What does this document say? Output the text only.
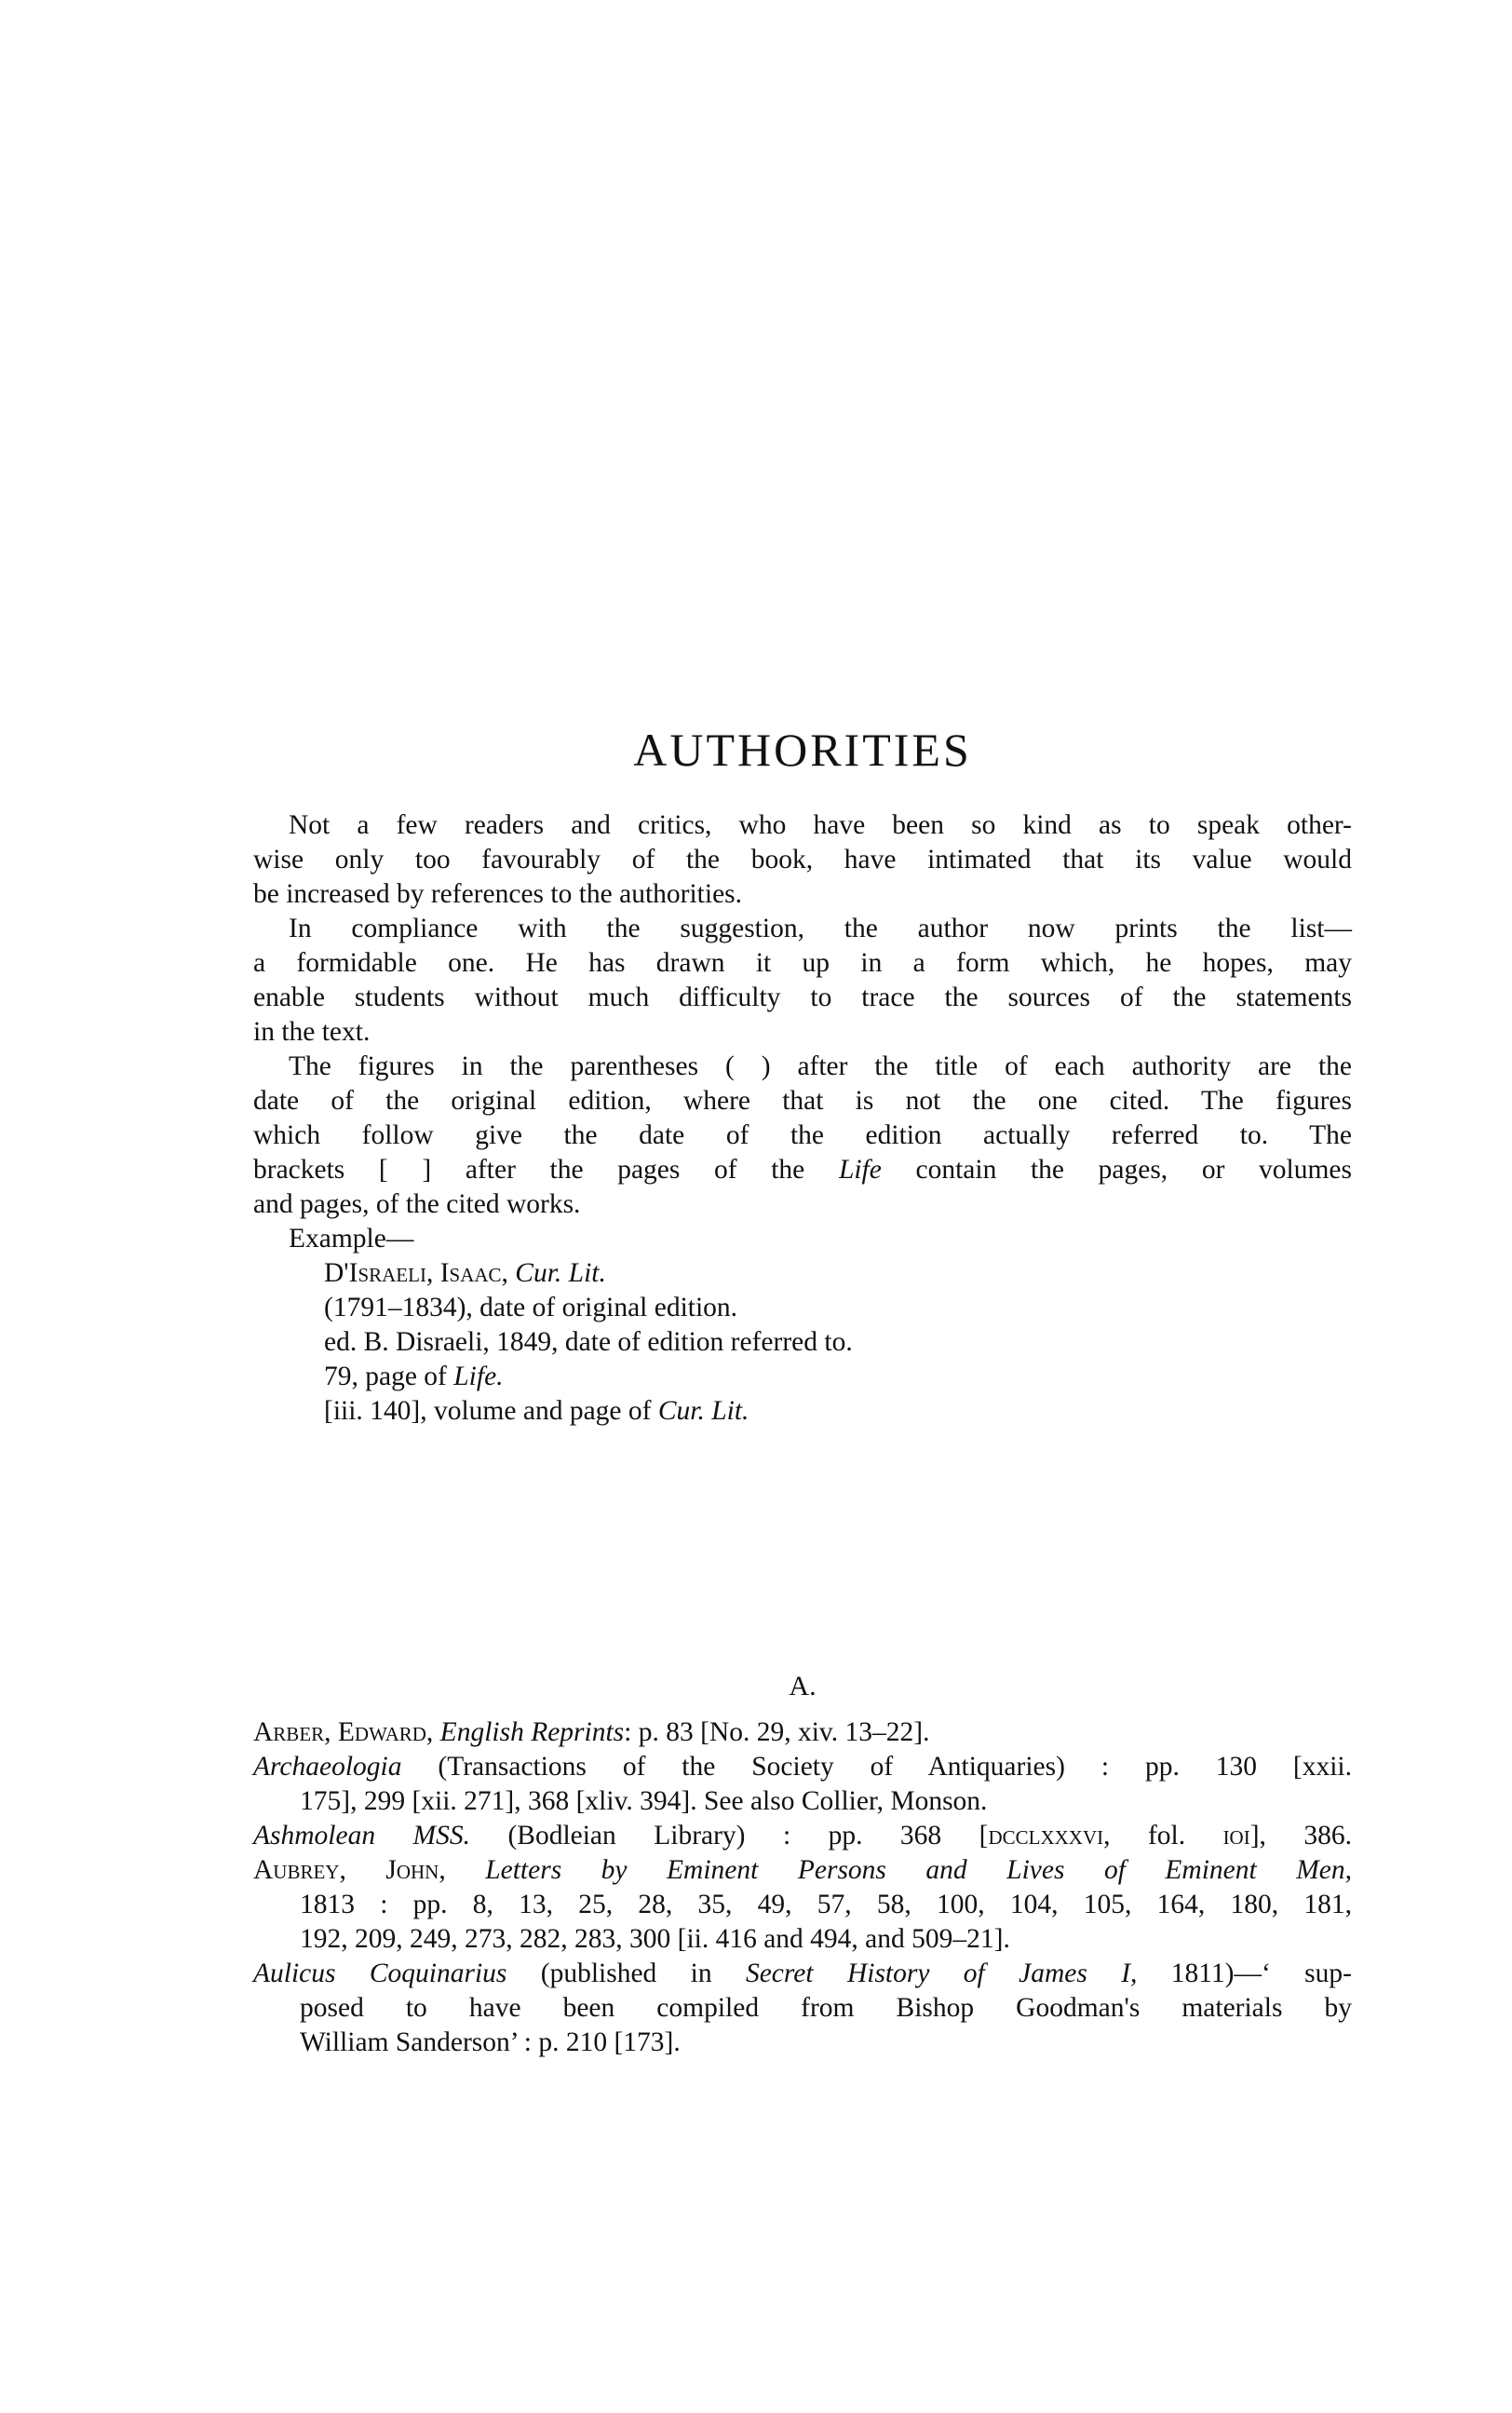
AUTHORITIES

Not a few readers and critics, who have been so kind as to speak other-
wise only too favourably of the book, have intimated that its value would
be increased by references to the authorities.

In compliance with the suggestion, the author now prints the list—
a formidable one. He has drawn it up in a form which, he hopes, may
enable students without much difficulty to trace the sources of the statements
in the text.

The figures in the parentheses ( ) after the title of each authority are the
date of the original edition, where that is not the one cited. The figures
which follow give the date of the edition actually referred to. The
brackets [ ] after the pages of the Life contain the pages, or volumes
and pages, of the cited works.

Example—

D'Israeli, Isaac, Cur. Lit.
(1791–1834), date of original edition.
ed. B. Disraeli, 1849, date of edition referred to.
79, page of Life.
[iii. 140], volume and page of Cur. Lit.
A.

Arber, Edward, English Reprints: p. 83 [No. 29, xiv. 13–22].

Archaeologia (Transactions of the Society of Antiquaries) : pp. 130 [xxii.
175], 299 [xii. 271], 368 [xliv. 394]. See also Collier, Monson.

Ashmolean MSS. (Bodleian Library) : pp. 368 [dcclxxxvi, fol. ioi], 386.

Aubrey, John, Letters by Eminent Persons and Lives of Eminent Men,
1813 : pp. 8, 13, 25, 28, 35, 49, 57, 58, 100, 104, 105, 164, 180, 181,
192, 209, 249, 273, 282, 283, 300 [ii. 416 and 494, and 509–21].

Aulicus Coquinarius (published in Secret History of James I, 1811)—‘ sup-
posed to have been compiled from Bishop Goodman's materials by
William Sanderson’ : p. 210 [173].
